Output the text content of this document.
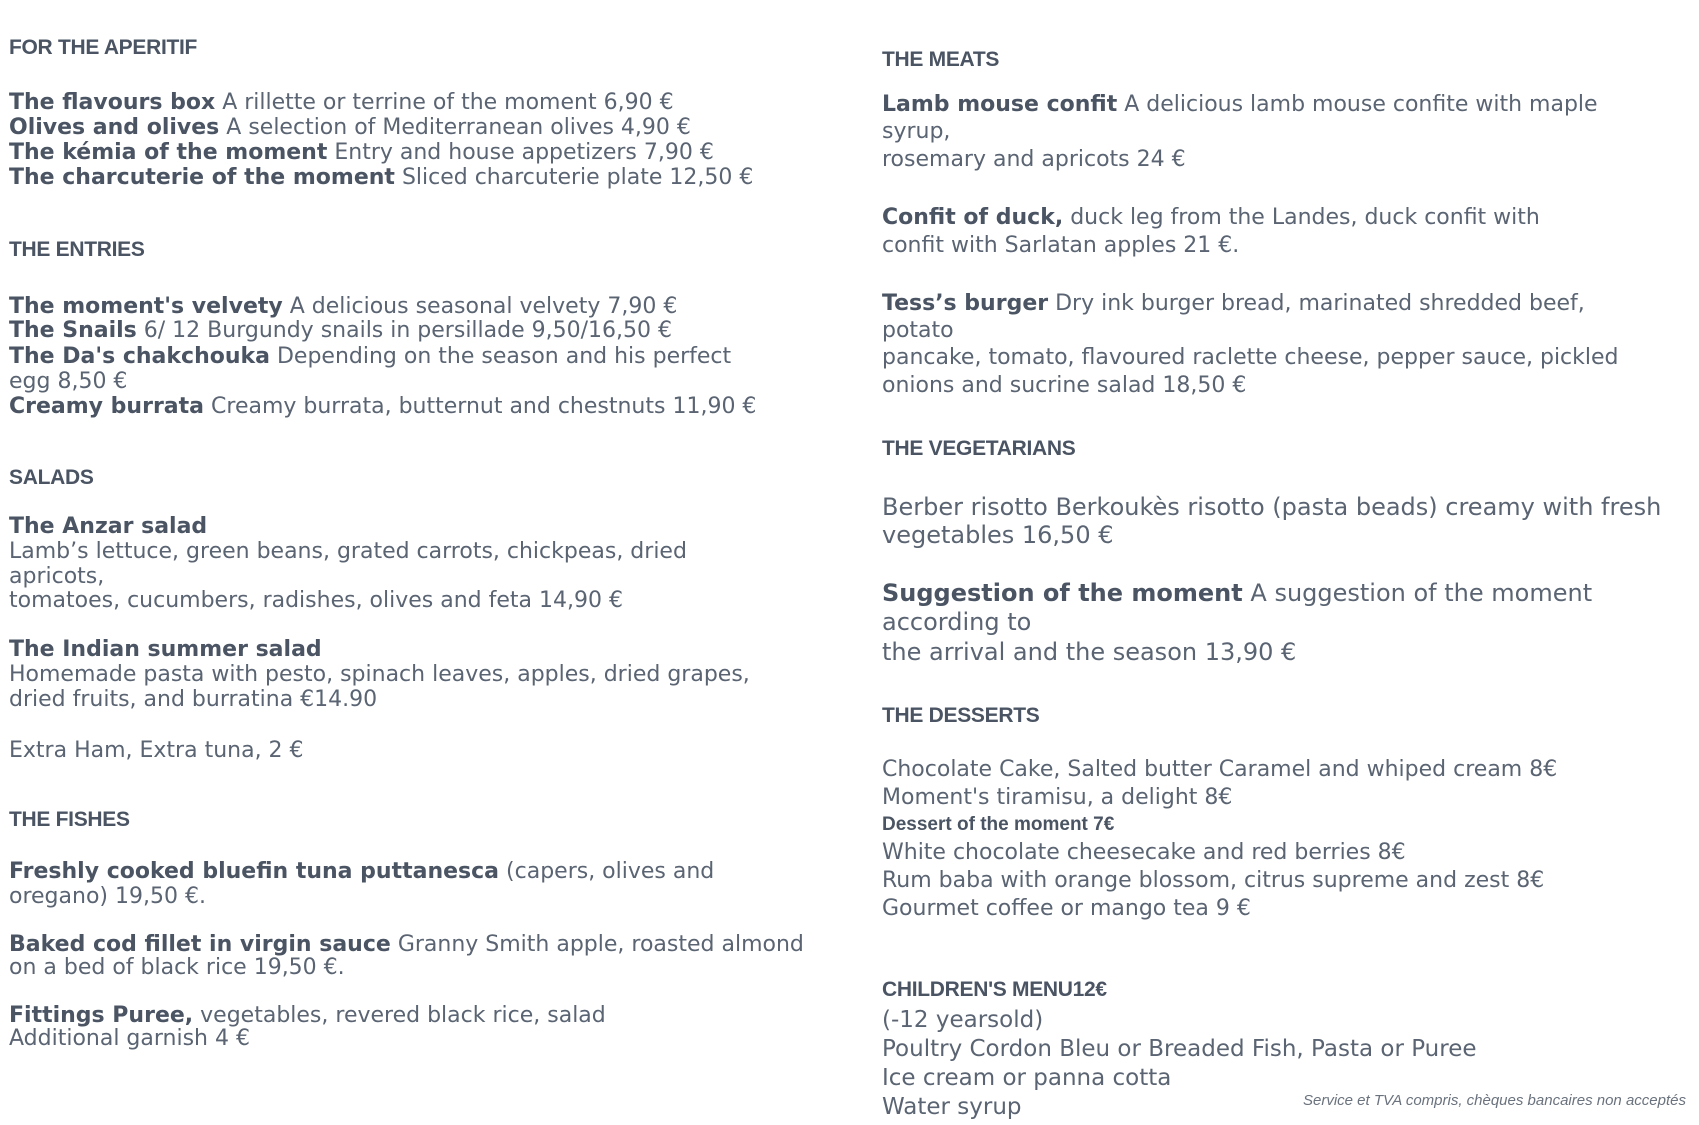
FOR THE APERITIF
The flavours box A rillette or terrine of the moment 6,90 €
Olives and olives A selection of Mediterranean olives 4,90 €
The kémia of the moment Entry and house appetizers 7,90 €
The charcuterie of the moment Sliced charcuterie plate 12,50 €
THE ENTRIES
The moment's velvety A delicious seasonal velvety 7,90 €
The Snails 6/ 12 Burgundy snails in persillade 9,50/16,50 €
The Da's chakchouka Depending on the season and his perfect
egg 8,50 €
Creamy burrata Creamy burrata, butternut and chestnuts 11,90 €
SALADS
The Anzar salad
Lamb’s lettuce, green beans, grated carrots, chickpeas, dried
apricots,
tomatoes, cucumbers, radishes, olives and feta 14,90 €
The Indian summer salad
Homemade pasta with pesto, spinach leaves, apples, dried grapes,
dried fruits, and burratina €14.90
Extra Ham, Extra tuna, 2 €
THE FISHES
Freshly cooked bluefin tuna puttanesca (capers, olives and
oregano) 19,50 €.
Baked cod fillet in virgin sauce Granny Smith apple, roasted almond
on a bed of black rice 19,50 €.
Fittings Puree, vegetables, revered black rice, salad
Additional garnish 4 €
THE MEATS
Lamb mouse confit A delicious lamb mouse confite with maple
syrup,
rosemary and apricots 24 €
Confit of duck, duck leg from the Landes, duck confit with
confit with Sarlatan apples 21 €.
Tess’s burger Dry ink burger bread, marinated shredded beef,
potato
pancake, tomato, flavoured raclette cheese, pepper sauce, pickled
onions and sucrine salad 18,50 €
THE VEGETARIANS
Berber risotto Berkoukès risotto (pasta beads) creamy with fresh
vegetables 16,50 €
Suggestion of the moment A suggestion of the moment
according to
the arrival and the season 13,90 €
THE DESSERTS
Chocolate Cake, Salted butter Caramel and whiped cream 8€
Moment's tiramisu, a delight 8€
Dessert of the moment 7€
White chocolate cheesecake and red berries 8€
Rum baba with orange blossom, citrus supreme and zest 8€
Gourmet coffee or mango tea 9 €
CHILDREN'S MENU12€
(-12 yearsold)
Poultry Cordon Bleu or Breaded Fish, Pasta or Puree
Ice cream or panna cotta
Water syrup	Service et TVA compris, chèques bancaires non acceptés
